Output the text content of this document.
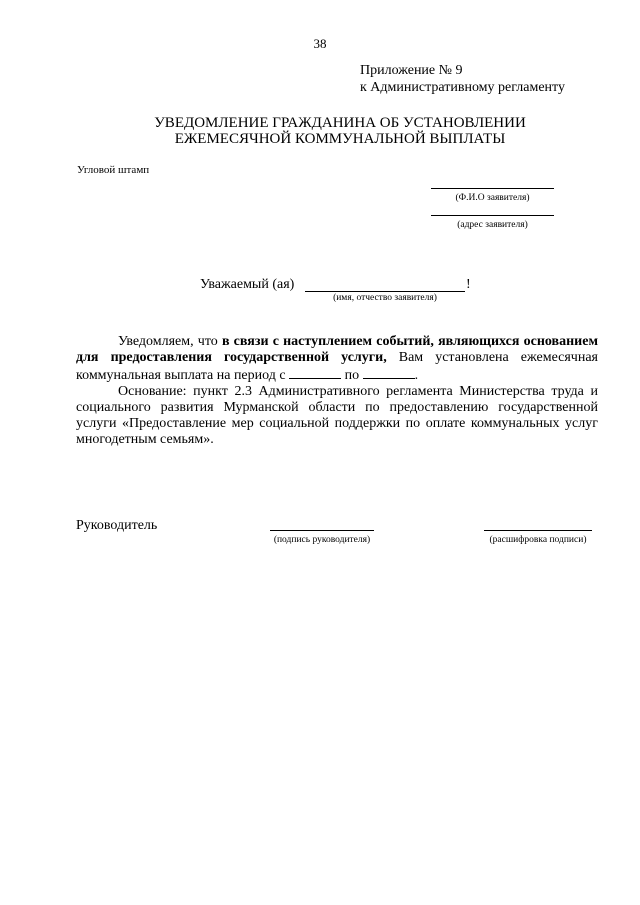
38
Приложение № 9
к Административному регламенту
УВЕДОМЛЕНИЕ ГРАЖДАНИНА ОБ УСТАНОВЛЕНИИ
ЕЖЕМЕСЯЧНОЙ КОММУНАЛЬНОЙ ВЫПЛАТЫ
Угловой штамп
(Ф.И.О заявителя)
(адрес заявителя)
Уважаемый (ая)	!
(имя, отчество заявителя)

Уведомляем, что в связи с наступлением событий, являющихся основанием для предоставления государственной услуги, Вам установлена ежемесячная коммунальная выплата на период с	по	.

Основание: пункт 2.3 Административного регламента Министерства труда и социального развития Мурманской области по предоставлению государственной услуги «Предоставление мер социальной поддержки по оплате коммунальных услуг многодетным семьям».

Руководитель
(подпись руководителя)	(расшифровка подписи)
